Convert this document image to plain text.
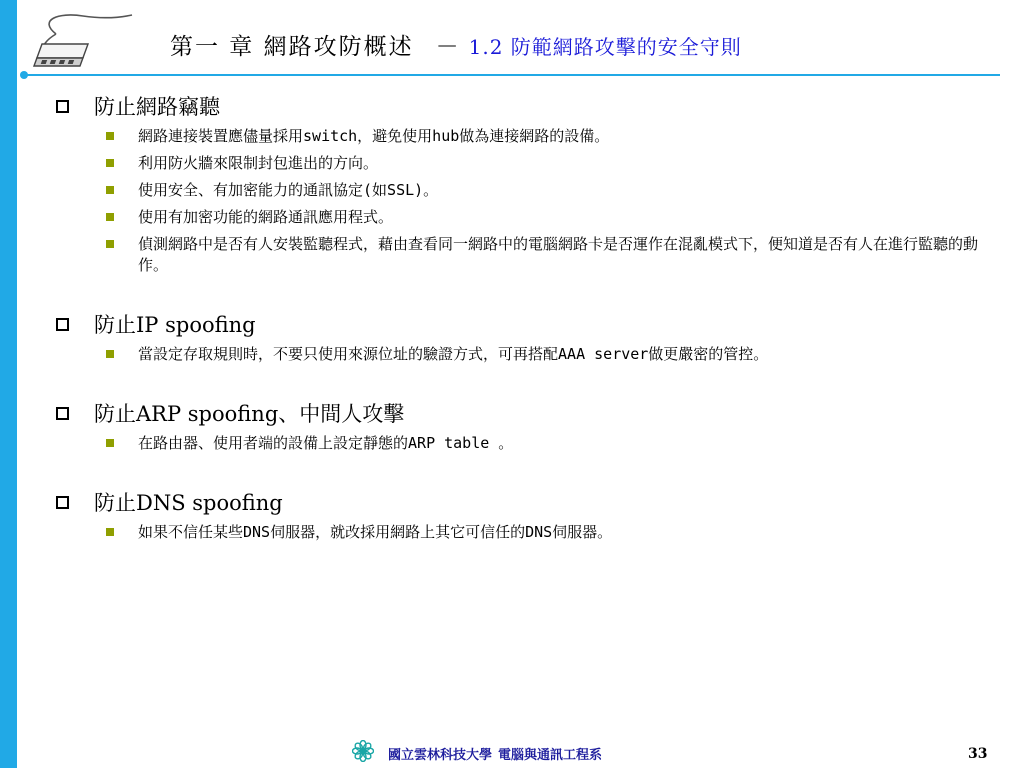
第一 章 網路攻防概述 － 1.2 防範網路攻擊的安全守則
防止網路竊聽
網路連接裝置應儘量採用switch，避免使用hub做為連接網路的設備。
利用防火牆來限制封包進出的方向。
使用安全、有加密能力的通訊協定(如SSL)。
使用有加密功能的網路通訊應用程式。
偵測網路中是否有人安裝監聽程式，藉由查看同一網路中的電腦網路卡是否運作在混亂模式下，便知道是否有人在進行監聽的動作。
防止IP spoofing
當設定存取規則時，不要只使用來源位址的驗證方式，可再搭配AAA server做更嚴密的管控。
防止ARP spoofing、中間人攻擊
在路由器、使用者端的設備上設定靜態的ARP table 。
防止DNS spoofing
如果不信任某些DNS伺服器，就改採用網路上其它可信任的DNS伺服器。
國立雲林科技大學 電腦與通訊工程系	33
